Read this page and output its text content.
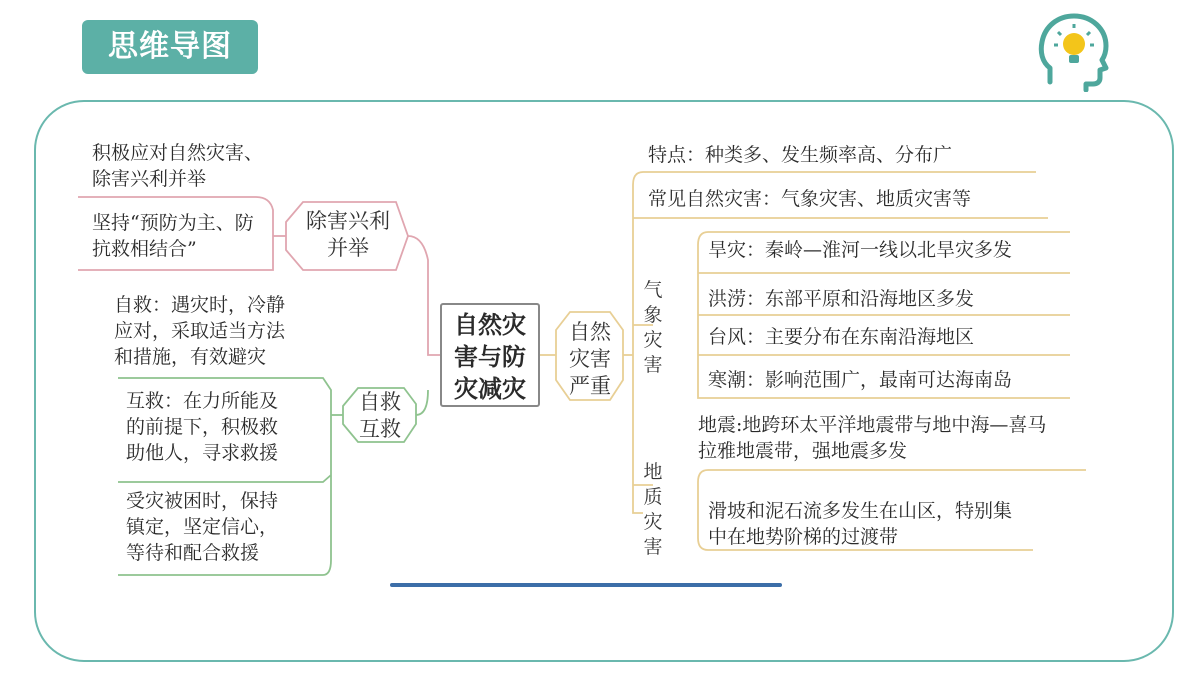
思维导图
积极应对自然灾害、
除害兴利并举
坚持“预防为主、防
抗救相结合”
除害兴利
并举
自救：遇灾时，冷静
应对，采取适当方法
和措施，有效避灾
互救：在力所能及
的前提下，积极救
助他人，寻求救援
受灾被困时，保持
镇定，坚定信心，
等待和配合救援
自救
互救
自然灾
害与防
灾减灾
自然
灾害
严重
特点：种类多、发生频率高、分布广
常见自然灾害：气象灾害、地质灾害等
气象
灾害
旱灾：秦岭—淮河一线以北旱灾多发
洪涝：东部平原和沿海地区多发
台风：主要分布在东南沿海地区
寒潮：影响范围广，最南可达海南岛
地质
灾害
地震:地跨环太平洋地震带与地中海—喜马
拉雅地震带，强地震多发
滑坡和泥石流多发生在山区，特别集
中在地势阶梯的过渡带
